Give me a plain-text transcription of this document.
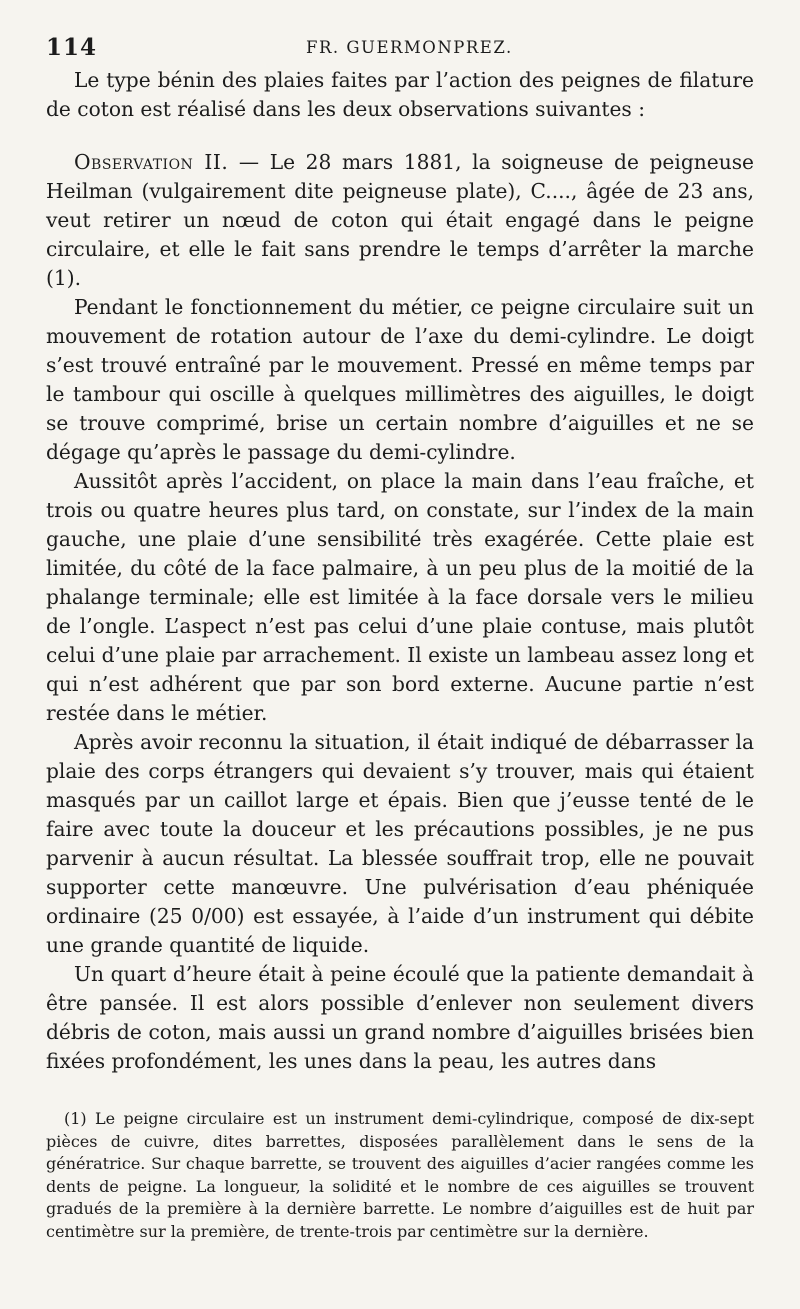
114	FR. GUERMONPREZ.

Le type bénin des plaies faites par l’action des peignes de filature de coton est réalisé dans les deux observations suivantes :

Observation II. — Le 28 mars 1881, la soigneuse de peigneuse Heilman (vulgairement dite peigneuse plate), C...., âgée de 23 ans, veut retirer un nœud de coton qui était engagé dans le peigne circulaire, et elle le fait sans prendre le temps d’arrêter la marche (1).

Pendant le fonctionnement du métier, ce peigne circulaire suit un mouvement de rotation autour de l’axe du demi-cylindre. Le doigt s’est trouvé entraîné par le mouvement. Pressé en même temps par le tambour qui oscille à quelques millimètres des aiguilles, le doigt se trouve comprimé, brise un certain nombre d’aiguilles et ne se dégage qu’après le passage du demi-cylindre.

Aussitôt après l’accident, on place la main dans l’eau fraîche, et trois ou quatre heures plus tard, on constate, sur l’index de la main gauche, une plaie d’une sensibilité très exagérée. Cette plaie est limitée, du côté de la face palmaire, à un peu plus de la moitié de la phalange terminale; elle est limitée à la face dorsale vers le milieu de l’ongle. L’aspect n’est pas celui d’une plaie contuse, mais plutôt celui d’une plaie par arrachement. Il existe un lambeau assez long et qui n’est adhérent que par son bord externe. Aucune partie n’est restée dans le métier.

Après avoir reconnu la situation, il était indiqué de débarrasser la plaie des corps étrangers qui devaient s’y trouver, mais qui étaient masqués par un caillot large et épais. Bien que j’eusse tenté de le faire avec toute la douceur et les précautions possibles, je ne pus parvenir à aucun résultat. La blessée souffrait trop, elle ne pouvait supporter cette manœuvre. Une pulvérisation d’eau phéniquée ordinaire (25 0/00) est essayée, à l’aide d’un instrument qui débite une grande quantité de liquide.

Un quart d’heure était à peine écoulé que la patiente demandait à être pansée. Il est alors possible d’enlever non seulement divers débris de coton, mais aussi un grand nombre d’aiguilles brisées bien fixées profondément, les unes dans la peau, les autres dans

(1) Le peigne circulaire est un instrument demi-cylindrique, composé de dix-sept pièces de cuivre, dites barrettes, disposées parallèlement dans le sens de la génératrice. Sur chaque barrette, se trouvent des aiguilles d’acier rangées comme les dents de peigne. La longueur, la solidité et le nombre de ces aiguilles se trouvent gradués de la première à la dernière barrette. Le nombre d’aiguilles est de huit par centimètre sur la première, de trente-trois par centimètre sur la dernière.
